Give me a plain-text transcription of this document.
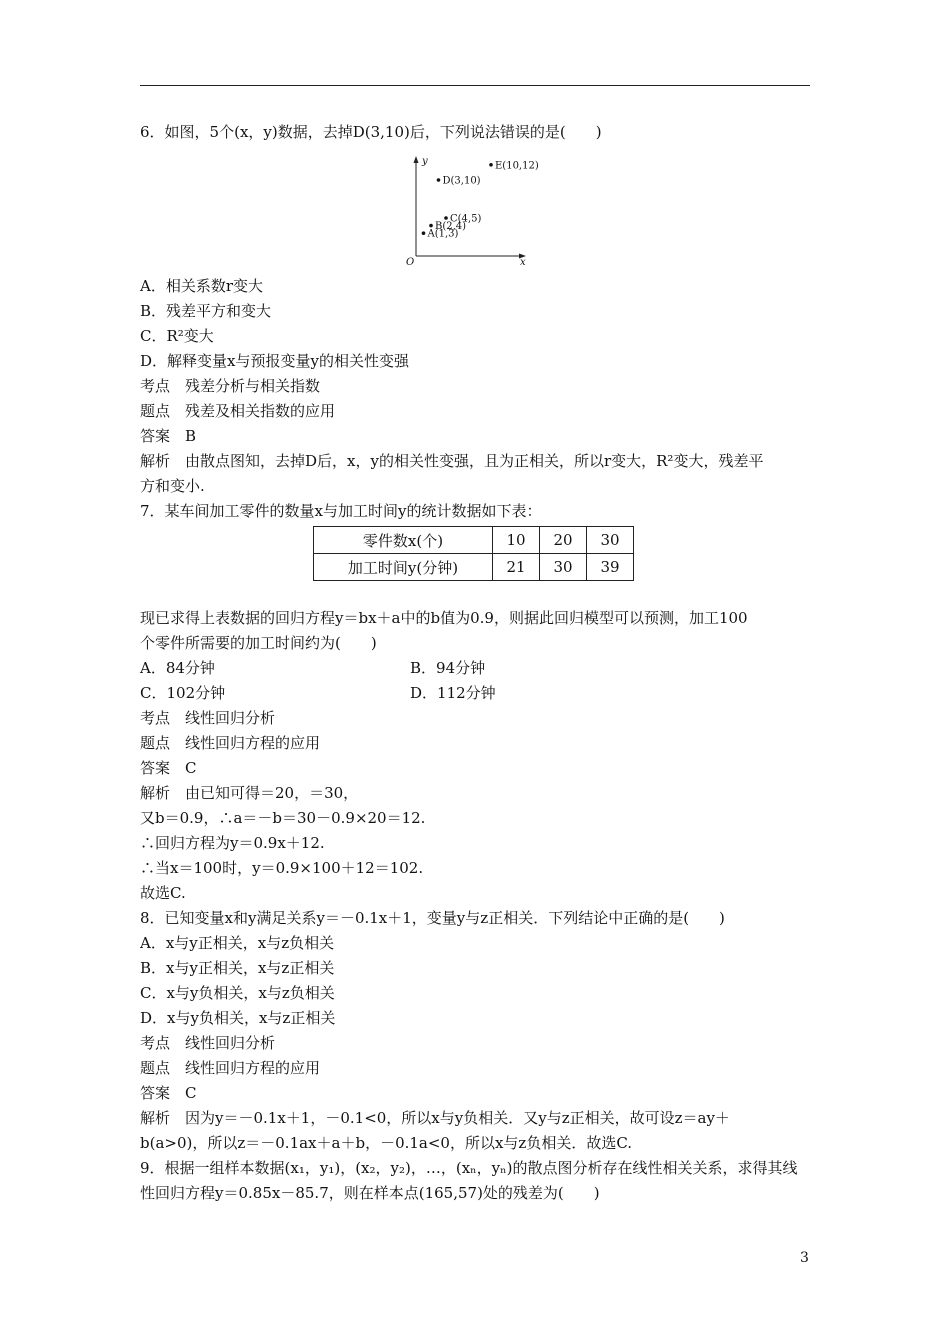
6．如图，5个(x，y)数据，去掉D(3,10)后，下列说法错误的是(　　)
y
x
O
A(1,3)
B(2,4)
C(4,5)
D(3,10)
E(10,12)
A．相关系数r变大
B．残差平方和变大
C．R²变大
D．解释变量x与预报变量y的相关性变强
考点　残差分析与相关指数
题点　残差及相关指数的应用
答案　B
解析　由散点图知，去掉D后，x，y的相关性变强，且为正相关，所以r变大，R²变大，残差平
方和变小.
7．某车间加工零件的数量x与加工时间y的统计数据如下表：
零件数x(个)	10	20	30
加工时间y(分钟)	21	30	39
现已求得上表数据的回归方程y＝bx＋a中的b值为0.9，则据此回归模型可以预测，加工100
个零件所需要的加工时间约为(　　)
A．84分钟	B．94分钟
C．102分钟	D．112分钟
考点　线性回归分析
题点　线性回归方程的应用
答案　C
解析　由已知可得＝20，＝30，
又b＝0.9，∴a＝－b＝30－0.9×20＝12.
∴回归方程为y＝0.9x＋12.
∴当x＝100时，y＝0.9×100＋12＝102.
故选C.
8．已知变量x和y满足关系y＝－0.1x＋1，变量y与z正相关．下列结论中正确的是(　　)
A．x与y正相关，x与z负相关
B．x与y正相关，x与z正相关
C．x与y负相关，x与z负相关
D．x与y负相关，x与z正相关
考点　线性回归分析
题点　线性回归方程的应用
答案　C
解析　因为y＝－0.1x＋1，－0.1<0，所以x与y负相关．又y与z正相关，故可设z＝ay＋
b(a>0)，所以z＝－0.1ax＋a＋b，－0.1a<0，所以x与z负相关．故选C.
9．根据一组样本数据(x₁，y₁)，(x₂，y₂)，…，(xₙ，yₙ)的散点图分析存在线性相关关系，求得其线
性回归方程y＝0.85x－85.7，则在样本点(165,57)处的残差为(　　)
3
